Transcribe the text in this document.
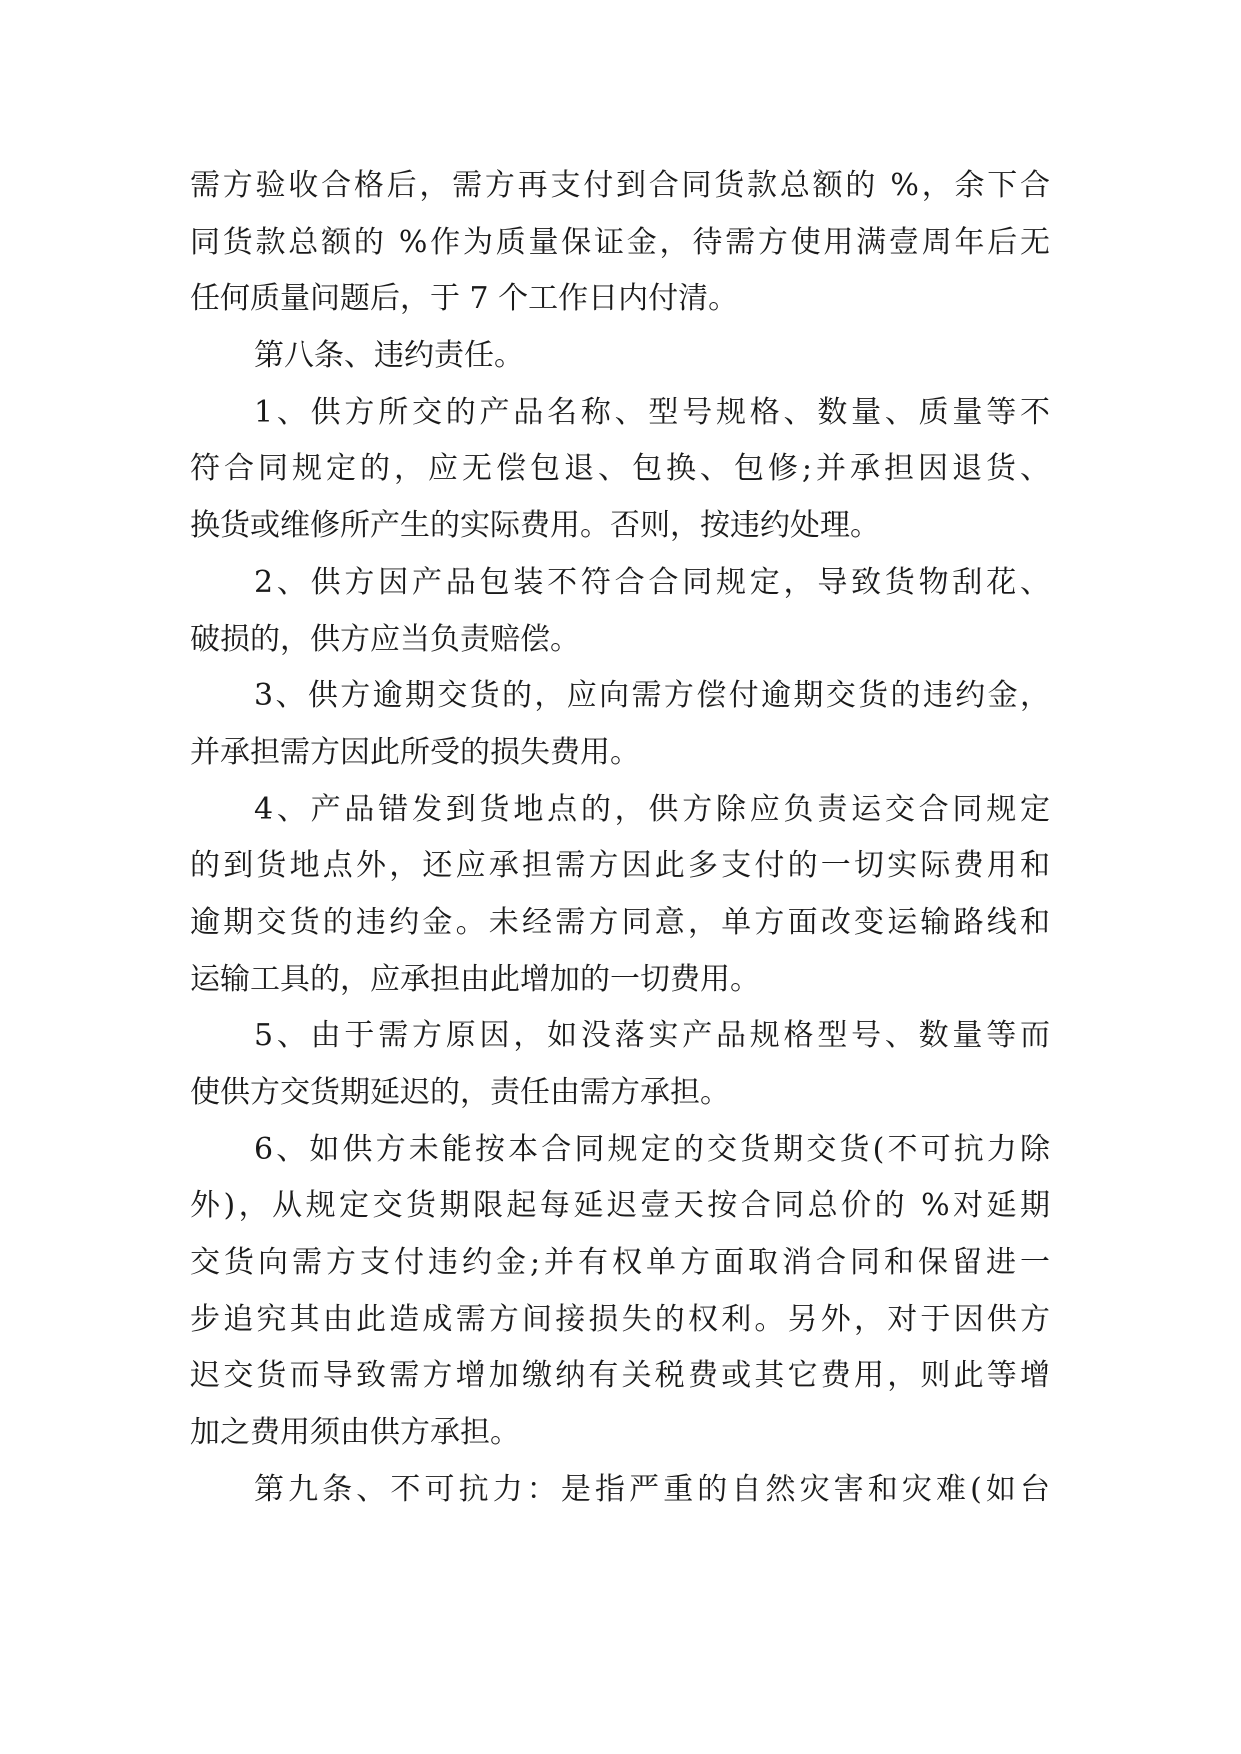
需方验收合格后，需方再支付到合同货款总额的 %，余下合
同货款总额的 %作为质量保证金，待需方使用满壹周年后无
任何质量问题后，于 7 个工作日内付清。
第八条、违约责任。
1、供方所交的产品名称、型号规格、数量、质量等不
符合同规定的，应无偿包退、包换、包修;并承担因退货、
换货或维修所产生的实际费用。否则，按违约处理。
2、供方因产品包装不符合合同规定，导致货物刮花、
破损的，供方应当负责赔偿。
3、供方逾期交货的，应向需方偿付逾期交货的违约金，
并承担需方因此所受的损失费用。
4、产品错发到货地点的，供方除应负责运交合同规定
的到货地点外，还应承担需方因此多支付的一切实际费用和
逾期交货的违约金。未经需方同意，单方面改变运输路线和
运输工具的，应承担由此增加的一切费用。
5、由于需方原因，如没落实产品规格型号、数量等而
使供方交货期延迟的，责任由需方承担。
6、如供方未能按本合同规定的交货期交货(不可抗力除
外)，从规定交货期限起每延迟壹天按合同总价的 %对延期
交货向需方支付违约金;并有权单方面取消合同和保留进一
步追究其由此造成需方间接损失的权利。另外，对于因供方
迟交货而导致需方增加缴纳有关税费或其它费用，则此等增
加之费用须由供方承担。
第九条、不可抗力：是指严重的自然灾害和灾难(如台
